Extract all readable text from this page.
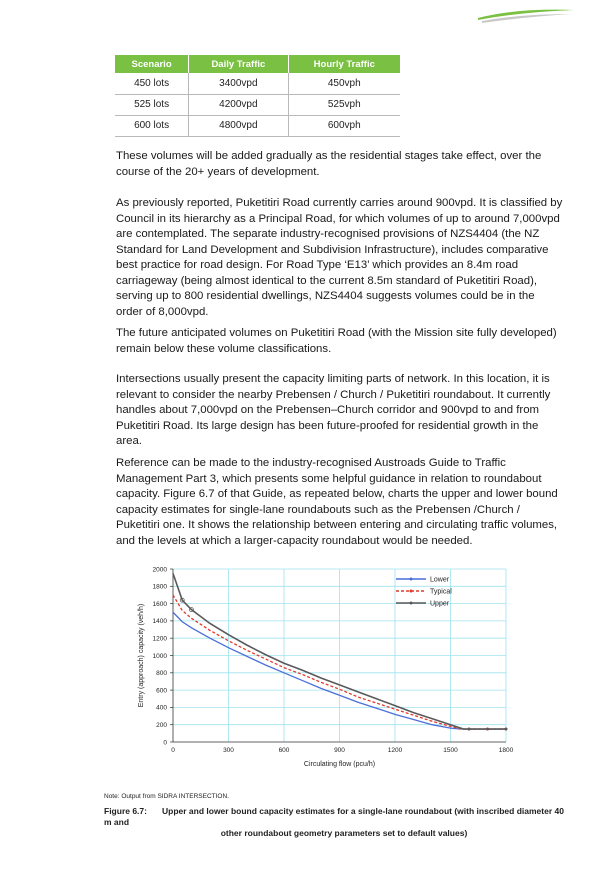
Scenario	Daily Traffic	Hourly Traffic
450 lots	3400vpd	450vph
525 lots	4200vpd	525vph
600 lots	4800vpd	600vph

These volumes will be added gradually as the residential stages take effect, over the course of the 20+ years of development.

As previously reported, Puketitiri Road currently carries around 900vpd. It is classified by Council in its hierarchy as a Principal Road, for which volumes of up to around 7,000vpd are contemplated. The separate industry-recognised provisions of NZS4404 (the NZ Standard for Land Development and Subdivision Infrastructure), includes comparative best practice for road design. For Road Type ‘E13’ which provides an 8.4m road carriageway (being almost identical to the current 8.5m standard of Puketitiri Road), serving up to 800 residential dwellings, NZS4404 suggests volumes could be in the order of 8,000vpd.

The future anticipated volumes on Puketitiri Road (with the Mission site fully developed) remain below these volume classifications.

Intersections usually present the capacity limiting parts of network. In this location, it is relevant to consider the nearby Prebensen / Church / Puketitiri roundabout. It currently handles about 7,000vpd on the Prebensen–Church corridor and 900vpd to and from Puketitiri Road. Its large design has been future-proofed for residential growth in the area.

Reference can be made to the industry-recognised Austroads Guide to Traffic Management Part 3, which presents some helpful guidance in relation to roundabout capacity. Figure 6.7 of that Guide, as repeated below, charts the upper and lower bound capacity estimates for single-lane roundabouts such as the Prebensen /Church / Puketitiri one. It shows the relationship between entering and circulating traffic volumes, and the levels at which a larger-capacity roundabout would be needed.

0	300	600	900	1200	1500	1800
0
200
400
600
800
1000
1200
1400
1600
1800
2000
Lower
Typical
Upper
Circulating flow (pcu/h)
Entry (approach) capacity (veh/h)
Note: Output from SIDRA INTERSECTION.
Figure 6.7: Upper and lower bound capacity estimates for a single-lane roundabout (with inscribed diameter 40 m and
other roundabout geometry parameters set to default values)
